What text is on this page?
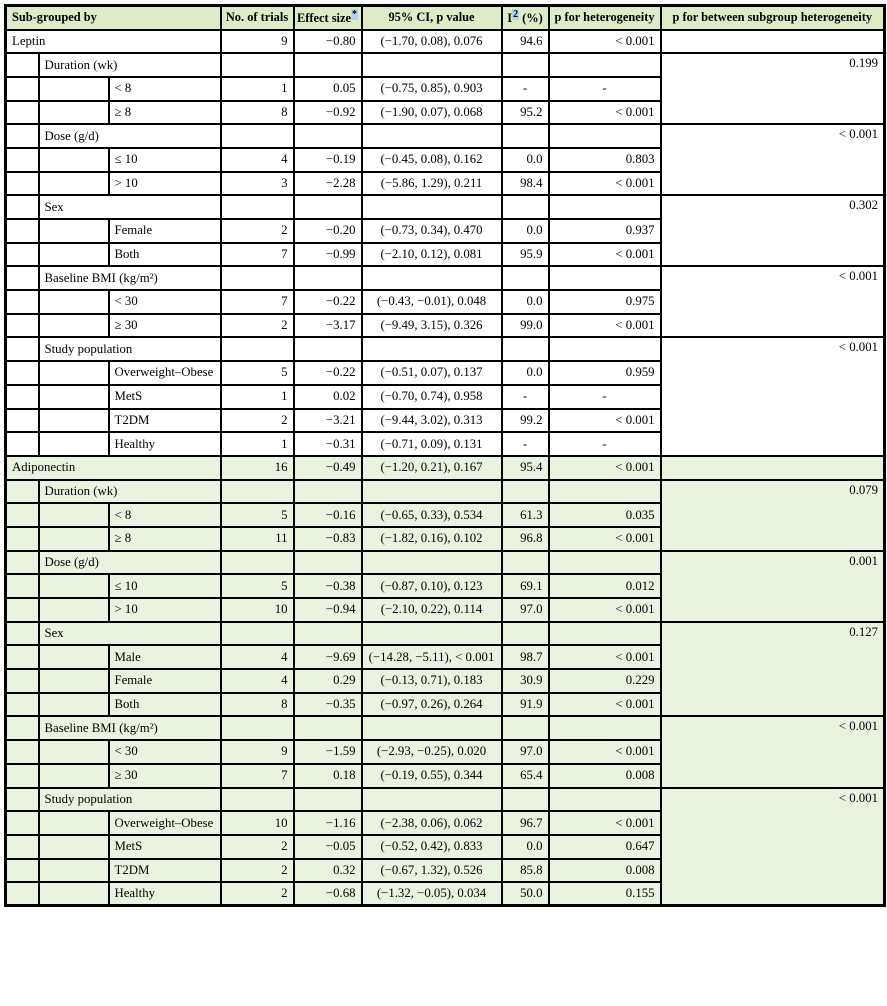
Sub-grouped by			No. of trials	Effect size*	95% CI, p value	$I^2$ (%)	p for heterogeneity	p for between subgroup heterogeneity
Leptin			9	−0.80	(−1.70, 0.08), 0.076	94.6	< 0.001	
	Duration (wk)							0.199
		< 8	1	0.05	(−0.75, 0.85), 0.903	-	-	
		≥ 8	8	−0.92	(−1.90, 0.07), 0.068	95.2	< 0.001	
	Dose (g/d)							< 0.001
		≤ 10	4	−0.19	(−0.45, 0.08), 0.162	0.0	0.803	
		> 10	3	−2.28	(−5.86, 1.29), 0.211	98.4	< 0.001	
	Sex							0.302
		Female	2	−0.20	(−0.73, 0.34), 0.470	0.0	0.937	
		Both	7	−0.99	(−2.10, 0.12), 0.081	95.9	< 0.001	
	Baseline BMI (kg/m²)							< 0.001
		< 30	7	−0.22	(−0.43, −0.01), 0.048	0.0	0.975	
		≥ 30	2	−3.17	(−9.49, 3.15), 0.326	99.0	< 0.001	
	Study population							< 0.001
		Overweight–Obese	5	−0.22	(−0.51, 0.07), 0.137	0.0	0.959	
		MetS	1	0.02	(−0.70, 0.74), 0.958	-	-	
		T2DM	2	−3.21	(−9.44, 3.02), 0.313	99.2	< 0.001	
		Healthy	1	−0.31	(−0.71, 0.09), 0.131	-	-	
Adiponectin			16	−0.49	(−1.20, 0.21), 0.167	95.4	< 0.001	
	Duration (wk)							0.079
		< 8	5	−0.16	(−0.65, 0.33), 0.534	61.3	0.035	
		≥ 8	11	−0.83	(−1.82, 0.16), 0.102	96.8	< 0.001	
	Dose (g/d)							0.001
		≤ 10	5	−0.38	(−0.87, 0.10), 0.123	69.1	0.012	
		> 10	10	−0.94	(−2.10, 0.22), 0.114	97.0	< 0.001	
	Sex							0.127
		Male	4	−9.69	(−14.28, −5.11), < 0.001	98.7	< 0.001	
		Female	4	0.29	(−0.13, 0.71), 0.183	30.9	0.229	
		Both	8	−0.35	(−0.97, 0.26), 0.264	91.9	< 0.001	
	Baseline BMI (kg/m²)							< 0.001
		< 30	9	−1.59	(−2.93, −0.25), 0.020	97.0	< 0.001	
		≥ 30	7	0.18	(−0.19, 0.55), 0.344	65.4	0.008	
	Study population							< 0.001
		Overweight–Obese	10	−1.16	(−2.38, 0.06), 0.062	96.7	< 0.001	
		MetS	2	−0.05	(−0.52, 0.42), 0.833	0.0	0.647	
		T2DM	2	0.32	(−0.67, 1.32), 0.526	85.8	0.008	
		Healthy	2	−0.68	(−1.32, −0.05), 0.034	50.0	0.155	
